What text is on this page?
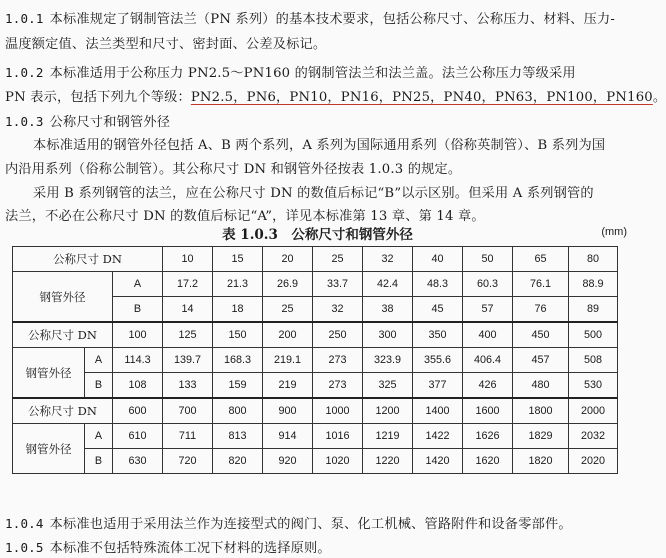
1.0.1 本标准规定了钢制管法兰（PN 系列）的基本技术要求，包括公称尺寸、公称压力、材料、压力-
温度额定值、法兰类型和尺寸、密封面、公差及标记。
1.0.2 本标准适用于公称压力 PN2.5～PN160 的钢制管法兰和法兰盖。法兰公称压力等级采用
PN 表示，包括下列九个等级：PN2.5，PN6，PN10，PN16，PN25，PN40，PN63，PN100，PN160。
1.0.3 公称尺寸和钢管外径
本标准适用的钢管外径包括 A、B 两个系列，A 系列为国际通用系列（俗称英制管）、B 系列为国
内沿用系列（俗称公制管）。其公称尺寸 DN 和钢管外径按表 1.0.3 的规定。
采用 B 系列钢管的法兰，应在公称尺寸 DN 的数值后标记“B”以示区别。但采用 A 系列钢管的
法兰，不必在公称尺寸 DN 的数值后标记“A”，详见本标准第 13 章、第 14 章。
表 1.0.3　公称尺寸和钢管外径	(mm)
公称尺寸 DN			10	15	20	25	32	40	50	65	80
钢管外径		A	17.2	21.3	26.9	33.7	42.4	48.3	60.3	76.1	88.9
		B	14	18	25	32	38	45	57	76	89
公称尺寸 DN		100	125	150	200	250	300	350	400	450	500
钢管外径	A	114.3	139.7	168.3	219.1	273	323.9	355.6	406.4	457	508
	B	108	133	159	219	273	325	377	426	480	530
公称尺寸 DN		600	700	800	900	1000	1200	1400	1600	1800	2000
钢管外径	A	610	711	813	914	1016	1219	1422	1626	1829	2032
	B	630	720	820	920	1020	1220	1420	1620	1820	2020
1.0.4 本标准也适用于采用法兰作为连接型式的阀门、泵、化工机械、管路附件和设备零部件。
1.0.5 本标准不包括特殊流体工况下材料的选择原则。
